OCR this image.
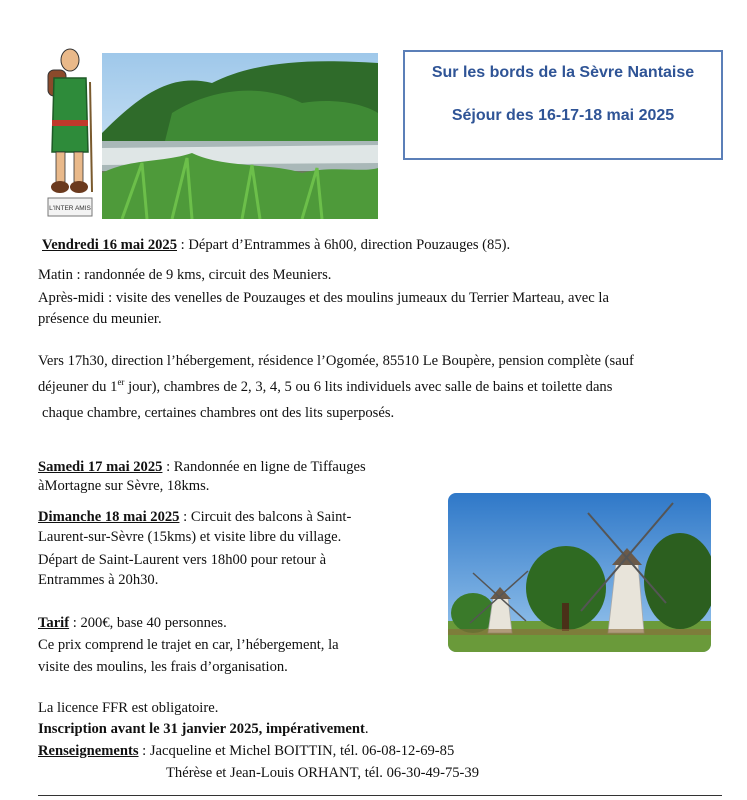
L'INTER AMIS
Sur les bords de la Sèvre Nantaise
Séjour des 16-17-18 mai 2025
Vendredi 16 mai 2025 : Départ d’Entrammes à 6h00, direction Pouzauges (85).
Matin : randonnée de 9 kms, circuit des Meuniers.
Après-midi : visite des venelles de Pouzauges et des moulins jumeaux du Terrier Marteau, avec la
présence du meunier.
Vers 17h30, direction l’hébergement, résidence l’Ogomée, 85510 Le Boupère, pension complète (sauf
déjeuner du 1er jour), chambres de 2, 3, 4, 5 ou 6 lits individuels avec salle de bains et toilette dans
chaque chambre, certaines chambres ont des lits superposés.
Samedi 17 mai 2025 : Randonnée en ligne de Tiffauges
àMortagne sur Sèvre, 18kms.
Dimanche 18 mai 2025 : Circuit des balcons à Saint-
Laurent-sur-Sèvre (15kms) et visite libre du village.
Départ de Saint-Laurent vers 18h00 pour retour à
Entrammes à 20h30.
Tarif : 200€, base 40 personnes.
Ce prix comprend le trajet en car, l’hébergement, la
visite des moulins, les frais d’organisation.
La licence FFR est obligatoire.
Inscription avant le 31 janvier 2025, impérativement.
Renseignements : Jacqueline et Michel BOITTIN, tél. 06-08-12-69-85
Thérèse et Jean-Louis ORHANT, tél. 06-30-49-75-39
